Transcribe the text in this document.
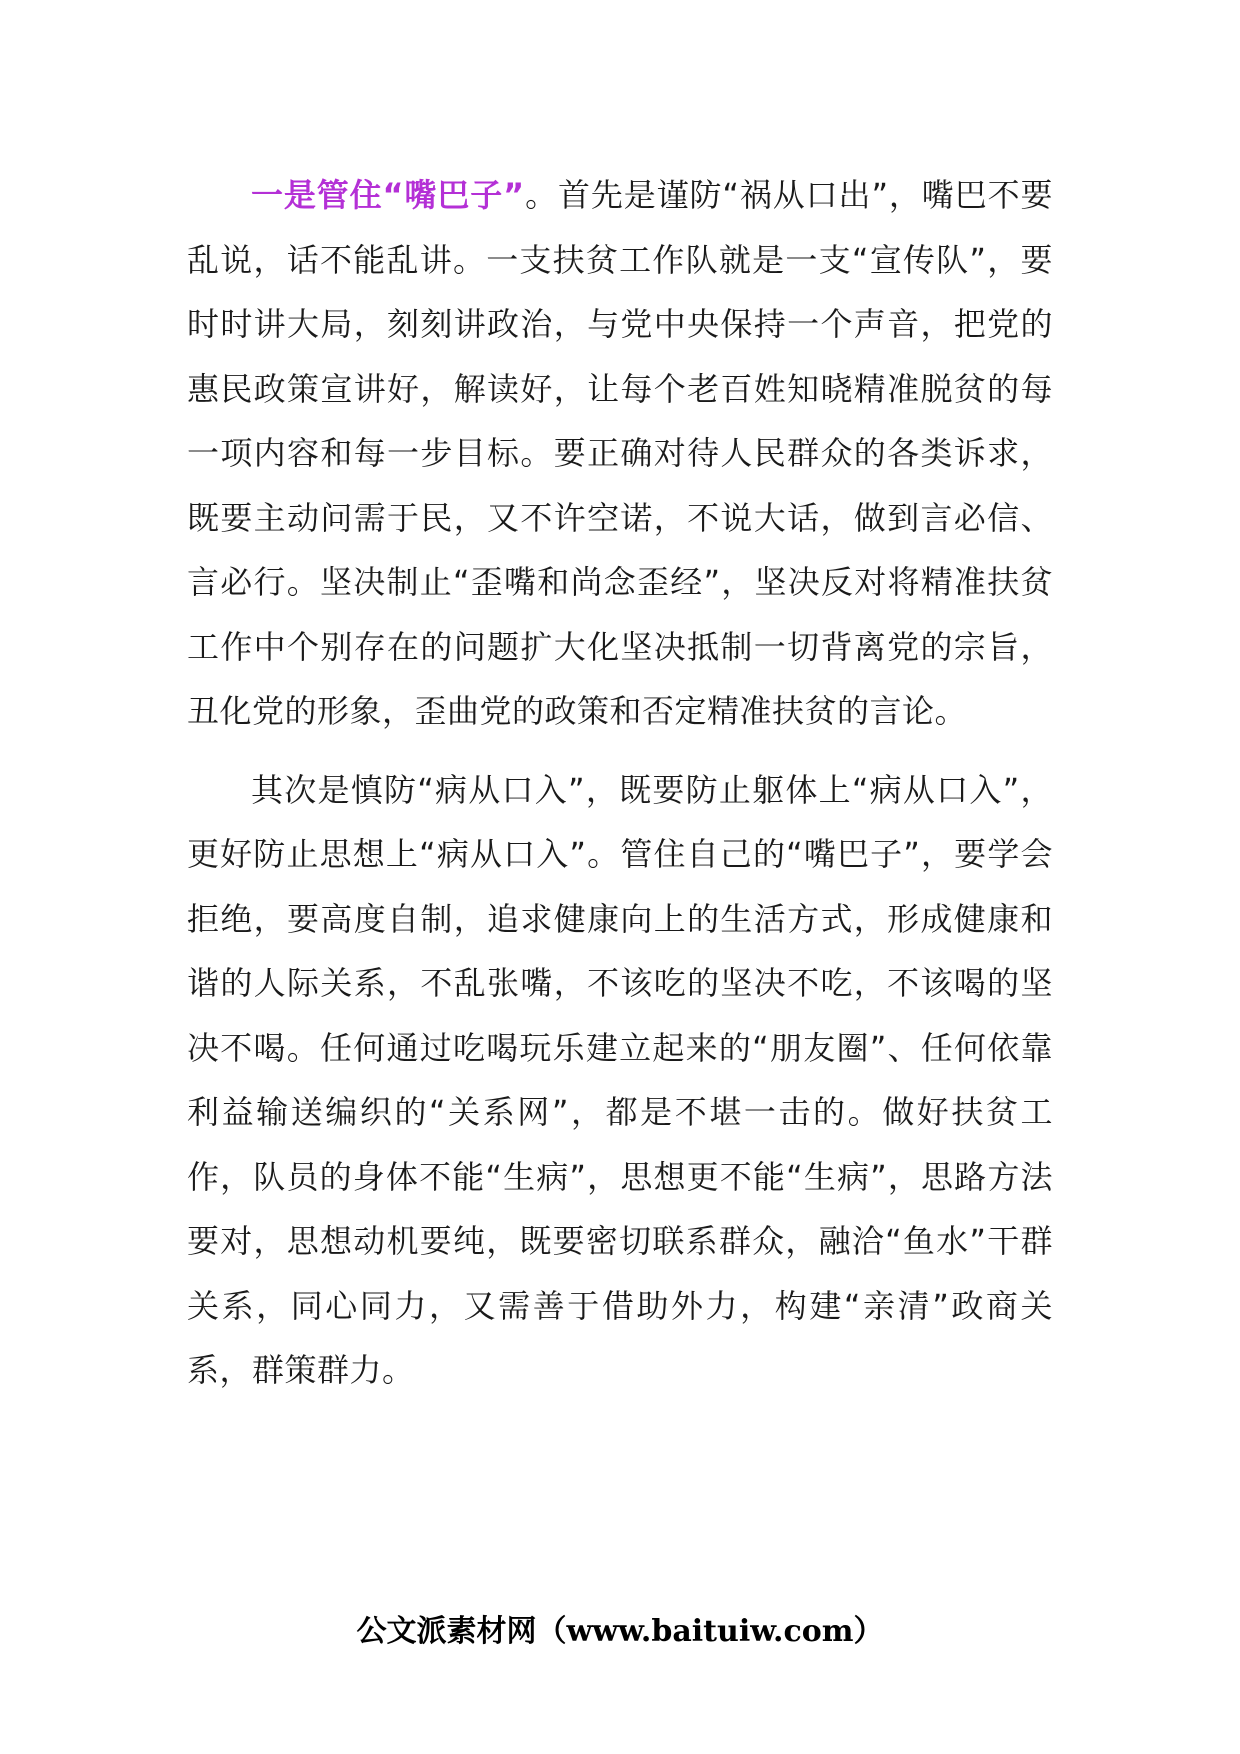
一是管住“嘴巴子”。首先是谨防“祸从口出”，嘴巴不要乱说，话不能乱讲。一支扶贫工作队就是一支“宣传队”，要时时讲大局，刻刻讲政治，与党中央保持一个声音，把党的惠民政策宣讲好，解读好，让每个老百姓知晓精准脱贫的每一项内容和每一步目标。要正确对待人民群众的各类诉求，既要主动问需于民，又不许空诺，不说大话，做到言必信、言必行。坚决制止“歪嘴和尚念歪经”，坚决反对将精准扶贫工作中个别存在的问题扩大化坚决抵制一切背离党的宗旨，丑化党的形象，歪曲党的政策和否定精准扶贫的言论。

其次是慎防“病从口入”，既要防止躯体上“病从口入”，更好防止思想上“病从口入”。管住自己的“嘴巴子”，要学会拒绝，要高度自制，追求健康向上的生活方式，形成健康和谐的人际关系，不乱张嘴，不该吃的坚决不吃，不该喝的坚决不喝。任何通过吃喝玩乐建立起来的“朋友圈”、任何依靠利益输送编织的“关系网”，都是不堪一击的。做好扶贫工作，队员的身体不能“生病”，思想更不能“生病”，思路方法要对，思想动机要纯，既要密切联系群众，融洽“鱼水”干群关系，同心同力，又需善于借助外力，构建“亲清”政商关系，群策群力。

公文派素材网（www.baituiw.com）
